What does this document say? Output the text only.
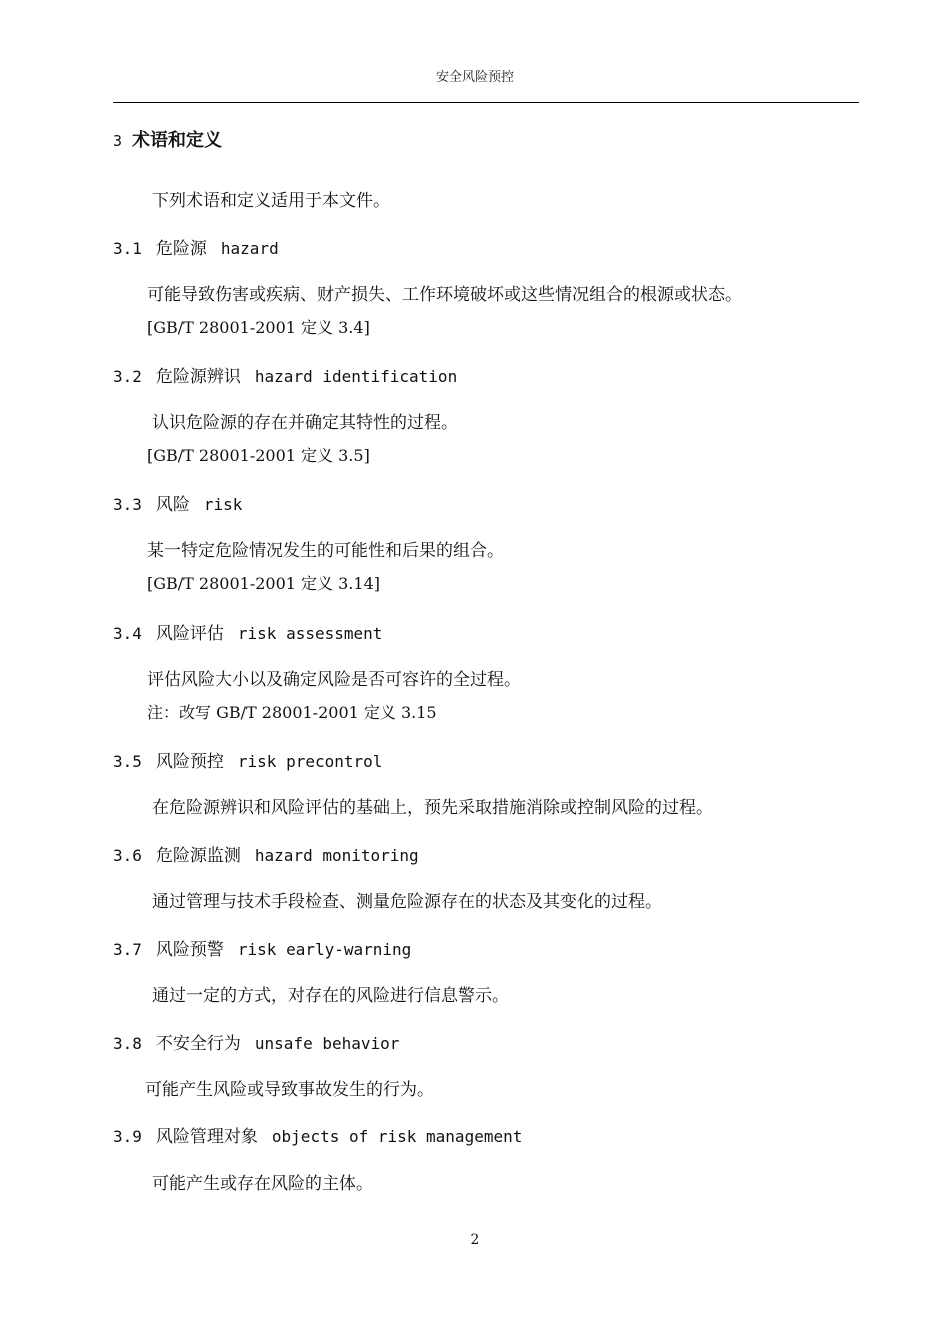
安全风险预控
3 术语和定义
下列术语和定义适用于本文件。
3.1 危险源 hazard
可能导致伤害或疾病、财产损失、工作环境破坏或这些情况组合的根源或状态。
[GB/T 28001-2001 定义 3.4]
3.2 危险源辨识 hazard identification
认识危险源的存在并确定其特性的过程。
[GB/T 28001-2001 定义 3.5]
3.3 风险 risk
某一特定危险情况发生的可能性和后果的组合。
[GB/T 28001-2001 定义 3.14]
3.4 风险评估 risk assessment
评估风险大小以及确定风险是否可容许的全过程。
注：改写 GB/T 28001-2001 定义 3.15
3.5 风险预控 risk precontrol
在危险源辨识和风险评估的基础上，预先采取措施消除或控制风险的过程。
3.6 危险源监测 hazard monitoring
通过管理与技术手段检查、测量危险源存在的状态及其变化的过程。
3.7 风险预警 risk early-warning
通过一定的方式，对存在的风险进行信息警示。
3.8 不安全行为 unsafe behavior
可能产生风险或导致事故发生的行为。
3.9 风险管理对象 objects of risk management
可能产生或存在风险的主体。
2
